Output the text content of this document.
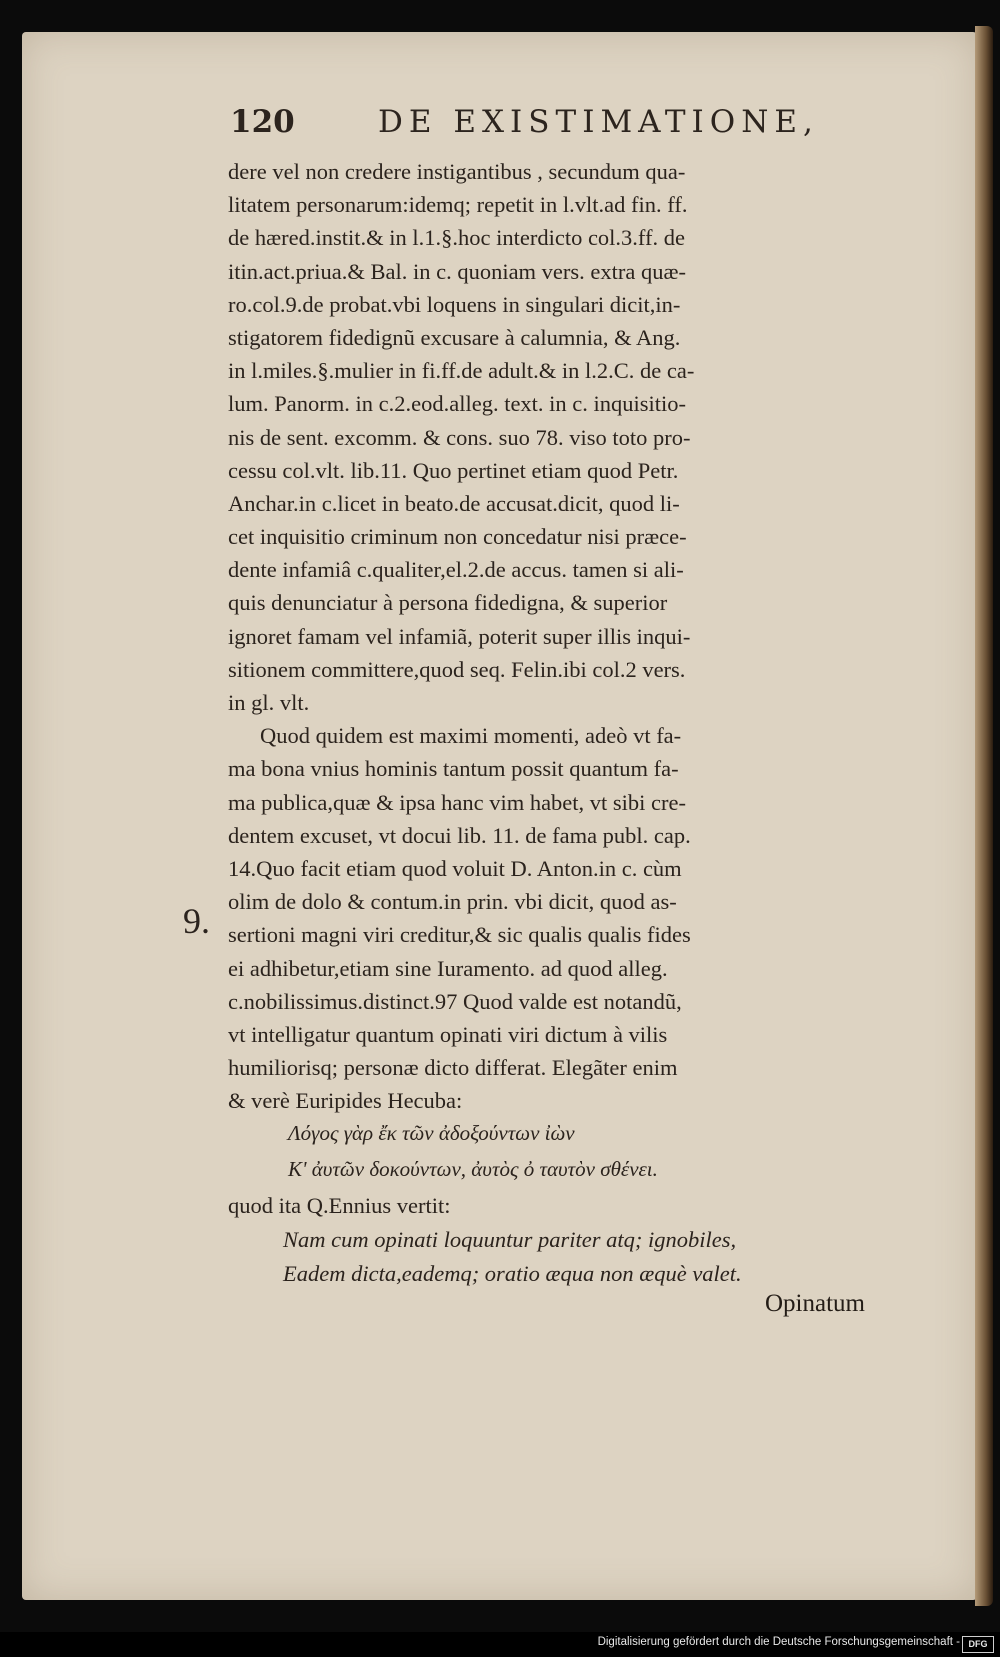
120	DE EXISTIMATIONE,
dere vel non credere instigantibus , secundum qua-
litatem personarum:idemq; repetit in l.vlt.ad fin. ff.
de hæred.instit.& in l.1.§.hoc interdicto col.3.ff. de
itin.act.priua.& Bal. in c. quoniam vers. extra quæ-
ro.col.9.de probat.vbi loquens in singulari dicit,in-
stigatorem fidedignũ excusare à calumnia, & Ang.
in l.miles.§.mulier in fi.ff.de adult.& in l.2.C. de ca-
lum. Panorm. in c.2.eod.alleg. text. in c. inquisitio-
nis de sent. excomm. & cons. suo 78. viso toto pro-
cessu col.vlt. lib.11. Quo pertinet etiam quod Petr.
Anchar.in c.licet in beato.de accusat.dicit, quod li-
cet inquisitio criminum non concedatur nisi præce-
dente infamiâ c.qualiter,el.2.de accus. tamen si ali-
quis denunciatur à persona fidedigna, & superior
ignoret famam vel infamiã, poterit super illis inqui-
sitionem committere,quod seq. Felin.ibi col.2 vers.
in gl. vlt.
Quod quidem est maximi momenti, adeò vt fa-
ma bona vnius hominis tantum possit quantum fa-
ma publica,quæ & ipsa hanc vim habet, vt sibi cre-
dentem excuset, vt docui lib. 11. de fama publ. cap.
14.Quo facit etiam quod voluit D. Anton.in c. cùm
olim de dolo & contum.in prin. vbi dicit, quod as-
sertioni magni viri creditur,& sic qualis qualis fides
ei adhibetur,etiam sine Iuramento. ad quod alleg.
c.nobilissimus.distinct.97 Quod valde est notandũ,
vt intelligatur quantum opinati viri dictum à vilis
humiliorisq; personæ dicto differat. Elegãter enim
& verè Euripides Hecuba:
Λόγος γὰρ ἔκ τῶν ἀδοξούντων ἰὼν
Κ' ἀυτῶν δοκούντων, ἀυτὸς ὀ ταυτὸν σθένει.
quod ita Q.Ennius vertit:
Nam cum opinati loquuntur pariter atq; ignobiles,
Eadem dicta,eademq; oratio æqua non æquè valet.
Opinatum
9.
Digitalisierung gefördert durch die Deutsche Forschungsgemeinschaft - DFG
